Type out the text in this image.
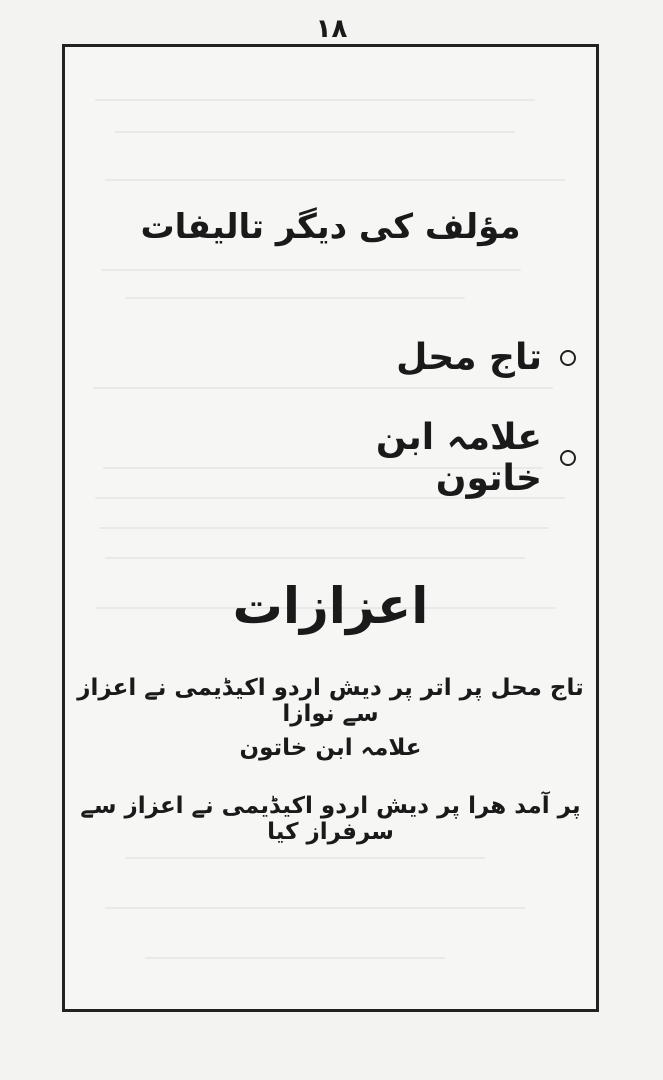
۱۸
مؤلف کی دیگر تالیفات
تاج محل
علامہ ابن خاتون
اعزازات
تاج محل پر اتر پر دیش اردو اکیڈیمی نے اعزاز سے نوازا
علامہ ابن خاتون
پر آمد ھرا پر دیش اردو اکیڈیمی نے اعزاز سے سرفراز کیا
